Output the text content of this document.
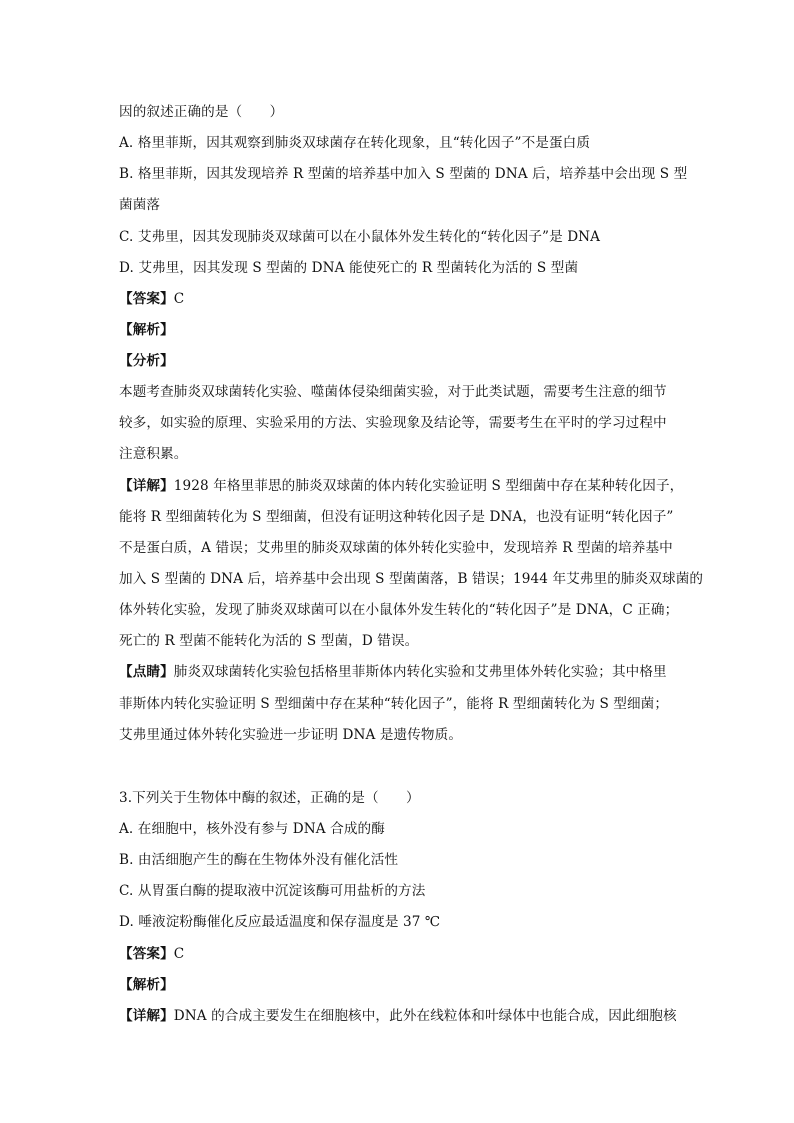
因的叙述正确的是（　　）
A. 格里菲斯，因其观察到肺炎双球菌存在转化现象，且“转化因子”不是蛋白质
B. 格里菲斯，因其发现培养 R 型菌的培养基中加入 S 型菌的 DNA 后，培养基中会出现 S 型
菌菌落
C. 艾弗里，因其发现肺炎双球菌可以在小鼠体外发生转化的“转化因子”是 DNA
D. 艾弗里，因其发现 S 型菌的 DNA 能使死亡的 R 型菌转化为活的 S 型菌
【答案】C
【解析】
【分析】
本题考查肺炎双球菌转化实验、噬菌体侵染细菌实验，对于此类试题，需要考生注意的细节
较多，如实验的原理、实验采用的方法、实验现象及结论等，需要考生在平时的学习过程中
注意积累。
【详解】1928 年格里菲思的肺炎双球菌的体内转化实验证明 S 型细菌中存在某种转化因子，
能将 R 型细菌转化为 S 型细菌，但没有证明这种转化因子是 DNA，也没有证明“转化因子”
不是蛋白质，A 错误；艾弗里的肺炎双球菌的体外转化实验中，发现培养 R 型菌的培养基中
加入 S 型菌的 DNA 后，培养基中会出现 S 型菌菌落，B 错误；1944 年艾弗里的肺炎双球菌的
体外转化实验，发现了肺炎双球菌可以在小鼠体外发生转化的“转化因子”是 DNA，C 正确；
死亡的 R 型菌不能转化为活的 S 型菌，D 错误。
【点睛】肺炎双球菌转化实验包括格里菲斯体内转化实验和艾弗里体外转化实验；其中格里
菲斯体内转化实验证明 S 型细菌中存在某种“转化因子”，能将 R 型细菌转化为 S 型细菌；
艾弗里通过体外转化实验进一步证明 DNA 是遗传物质。
3.下列关于生物体中酶的叙述，正确的是（　　）
A. 在细胞中，核外没有参与 DNA 合成的酶
B. 由活细胞产生的酶在生物体外没有催化活性
C. 从胃蛋白酶的提取液中沉淀该酶可用盐析的方法
D. 唾液淀粉酶催化反应最适温度和保存温度是 37 ℃
【答案】C
【解析】
【详解】DNA 的合成主要发生在细胞核中，此外在线粒体和叶绿体中也能合成，因此细胞核
